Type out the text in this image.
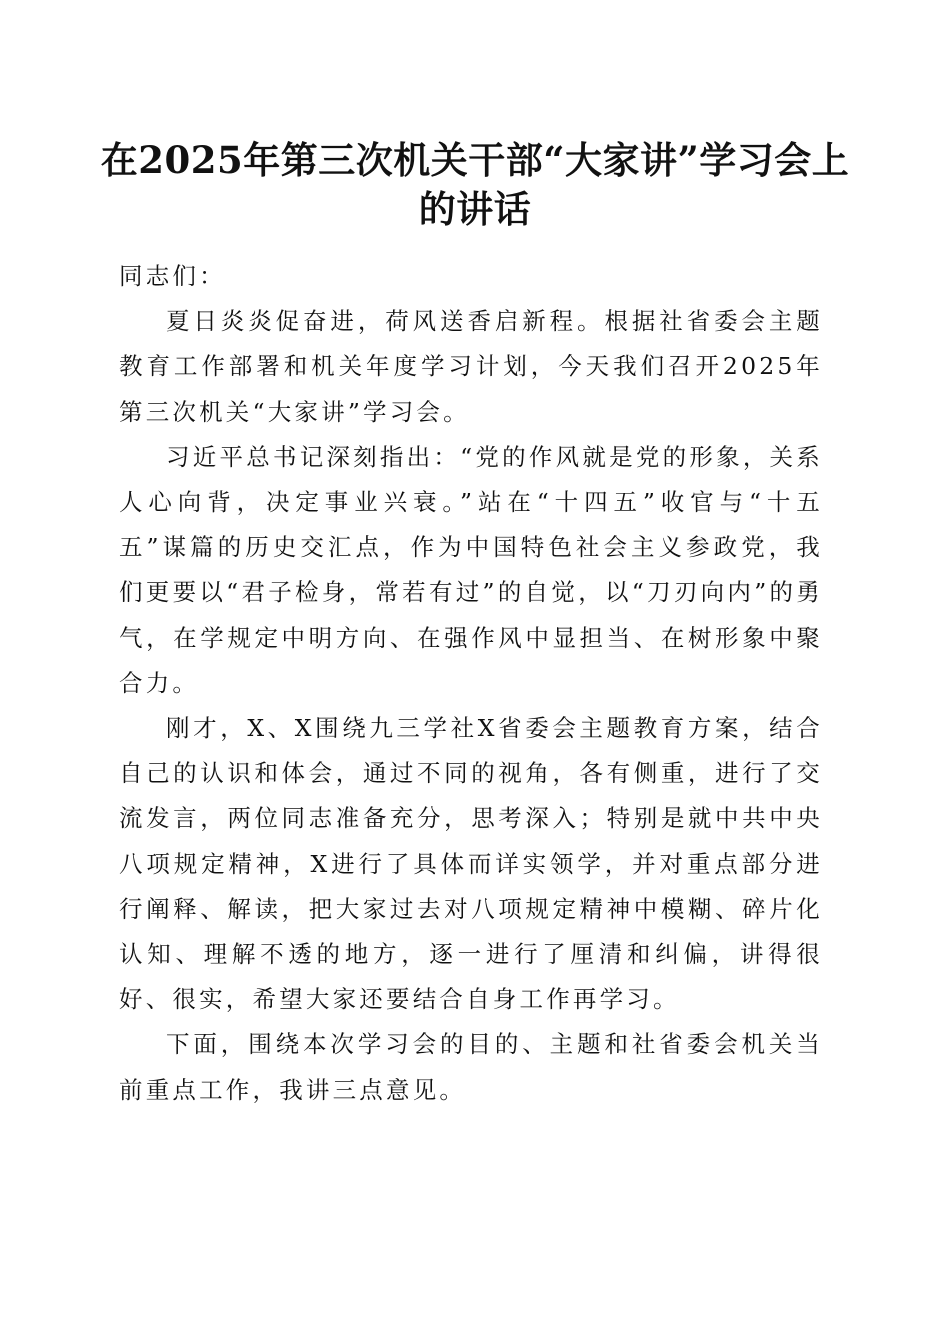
在2025年第三次机关干部“大家讲”学习会上的讲话

同志们：

夏日炎炎促奋进，荷风送香启新程。根据社省委会主题教育工作部署和机关年度学习计划，今天我们召开2025年第三次机关“大家讲”学习会。

习近平总书记深刻指出：“党的作风就是党的形象，关系人心向背，决定事业兴衰。”站在“十四五”收官与“十五五”谋篇的历史交汇点，作为中国特色社会主义参政党，我们更要以“君子检身，常若有过”的自觉，以“刀刃向内”的勇气，在学规定中明方向、在强作风中显担当、在树形象中聚合力。

刚才，X、X围绕九三学社X省委会主题教育方案，结合自己的认识和体会，通过不同的视角，各有侧重，进行了交流发言，两位同志准备充分，思考深入；特别是就中共中央八项规定精神，X进行了具体而详实领学，并对重点部分进行阐释、解读，把大家过去对八项规定精神中模糊、碎片化认知、理解不透的地方，逐一进行了厘清和纠偏，讲得很好、很实，希望大家还要结合自身工作再学习。

下面，围绕本次学习会的目的、主题和社省委会机关当前重点工作，我讲三点意见。
